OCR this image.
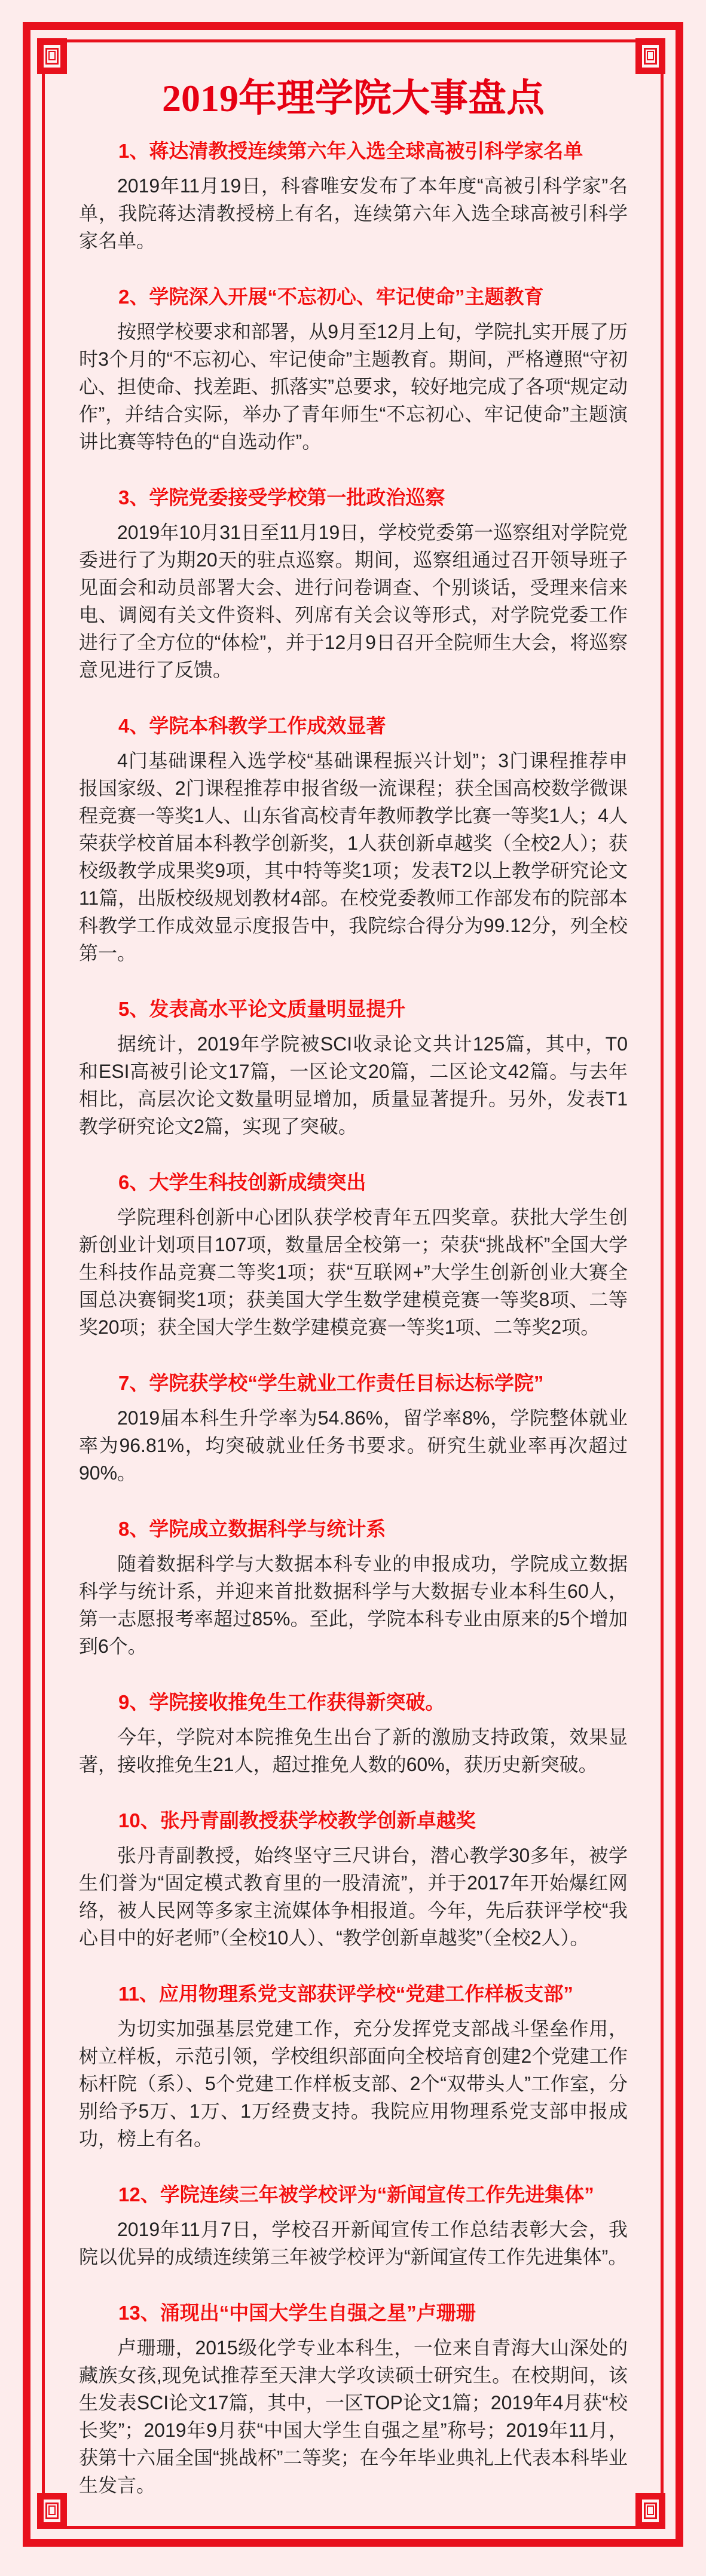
2019年理学院大事盘点
1、蒋达清教授连续第六年入选全球高被引科学家名单

2019年11月19日，科睿唯安发布了本年度“高被引科学家”名单，我院蒋达清教授榜上有名，连续第六年入选全球高被引科学家名单。

2、学院深入开展“不忘初心、牢记使命”主题教育

按照学校要求和部署，从9月至12月上旬，学院扎实开展了历时3个月的“不忘初心、牢记使命”主题教育。期间，严格遵照“守初心、担使命、找差距、抓落实”总要求，较好地完成了各项“规定动作”，并结合实际，举办了青年师生“不忘初心、牢记使命”主题演讲比赛等特色的“自选动作”。

3、学院党委接受学校第一批政治巡察

2019年10月31日至11月19日，学校党委第一巡察组对学院党委进行了为期20天的驻点巡察。期间，巡察组通过召开领导班子见面会和动员部署大会、进行问卷调查、个别谈话，受理来信来电、调阅有关文件资料、列席有关会议等形式，对学院党委工作进行了全方位的“体检”，并于12月9日召开全院师生大会，将巡察意见进行了反馈。

4、学院本科教学工作成效显著

4门基础课程入选学校“基础课程振兴计划”；3门课程推荐申报国家级、2门课程推荐申报省级一流课程；获全国高校数学微课程竞赛一等奖1人、山东省高校青年教师教学比赛一等奖1人；4人荣获学校首届本科教学创新奖，1人获创新卓越奖（全校2人）；获校级教学成果奖9项，其中特等奖1项；发表T2以上教学研究论文11篇，出版校级规划教材4部。在校党委教师工作部发布的院部本科教学工作成效显示度报告中，我院综合得分为99.12分，列全校第一。

5、发表高水平论文质量明显提升

据统计，2019年学院被SCI收录论文共计125篇，其中，T0和ESI高被引论文17篇，一区论文20篇，二区论文42篇。与去年相比，高层次论文数量明显增加，质量显著提升。另外，发表T1教学研究论文2篇，实现了突破。

6、大学生科技创新成绩突出

学院理科创新中心团队获学校青年五四奖章。获批大学生创新创业计划项目107项，数量居全校第一；荣获“挑战杯”全国大学生科技作品竞赛二等奖1项；获“互联网+”大学生创新创业大赛全国总决赛铜奖1项；获美国大学生数学建模竞赛一等奖8项、二等奖20项；获全国大学生数学建模竞赛一等奖1项、二等奖2项。

7、学院获学校“学生就业工作责任目标达标学院”

2019届本科生升学率为54.86%，留学率8%，学院整体就业率为96.81%，均突破就业任务书要求。研究生就业率再次超过90%。

8、学院成立数据科学与统计系

随着数据科学与大数据本科专业的申报成功，学院成立数据科学与统计系，并迎来首批数据科学与大数据专业本科生60人，第一志愿报考率超过85%。至此，学院本科专业由原来的5个增加到6个。

9、学院接收推免生工作获得新突破。

今年，学院对本院推免生出台了新的激励支持政策，效果显著，接收推免生21人，超过推免人数的60%，获历史新突破。

10、张丹青副教授获学校教学创新卓越奖

张丹青副教授，始终坚守三尺讲台，潜心教学30多年，被学生们誉为“固定模式教育里的一股清流”，并于2017年开始爆红网络，被人民网等多家主流媒体争相报道。今年，先后获评学校“我心目中的好老师”（全校10人）、“教学创新卓越奖”（全校2人）。

11、应用物理系党支部获评学校“党建工作样板支部”

为切实加强基层党建工作，充分发挥党支部战斗堡垒作用，树立样板，示范引领，学校组织部面向全校培育创建2个党建工作标杆院（系）、5个党建工作样板支部、2个“双带头人”工作室，分别给予5万、1万、1万经费支持。我院应用物理系党支部申报成功，榜上有名。

12、学院连续三年被学校评为“新闻宣传工作先进集体”

2019年11月7日，学校召开新闻宣传工作总结表彰大会，我院以优异的成绩连续第三年被学校评为“新闻宣传工作先进集体”。

13、涌现出“中国大学生自强之星”卢珊珊

卢珊珊，2015级化学专业本科生，一位来自青海大山深处的藏族女孩,现免试推荐至天津大学攻读硕士研究生。在校期间，该生发表SCI论文17篇，其中，一区TOP论文1篇；2019年4月获“校长奖”；2019年9月获“中国大学生自强之星”称号；2019年11月，获第十六届全国“挑战杯”二等奖；在今年毕业典礼上代表本科毕业生发言。
